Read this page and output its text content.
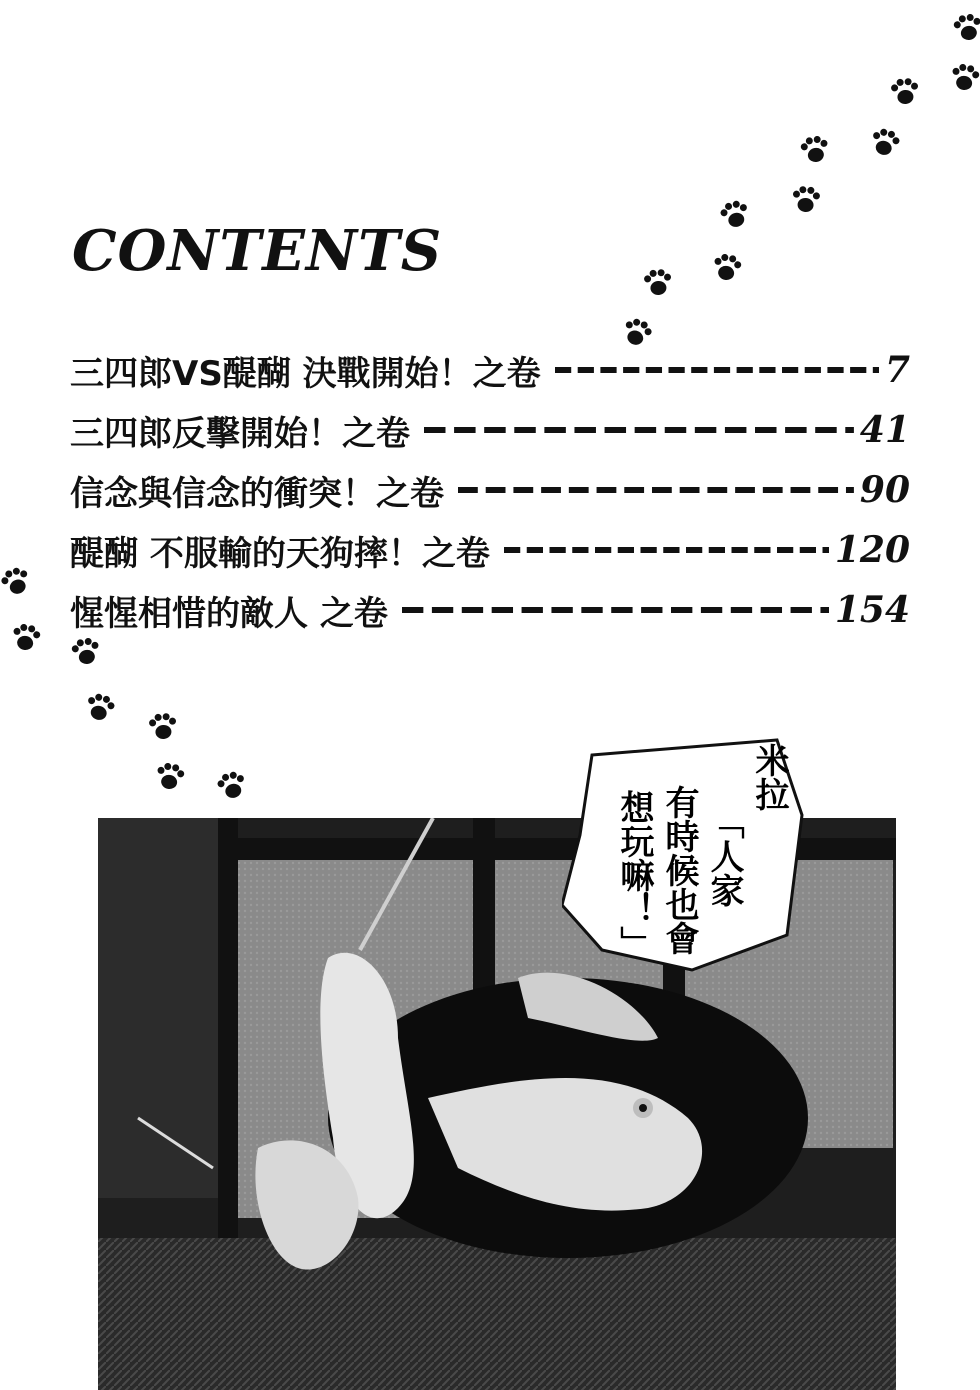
CONTENTS
三四郎VS醍醐 決戰開始！之卷	7
三四郎反擊開始！之卷	41
信念與信念的衝突！之卷	90
醍醐 不服輸的天狗摔！之卷	120
惺惺相惜的敵人 之卷	154
米拉
「人家
有時候也會
想玩嘛！」
